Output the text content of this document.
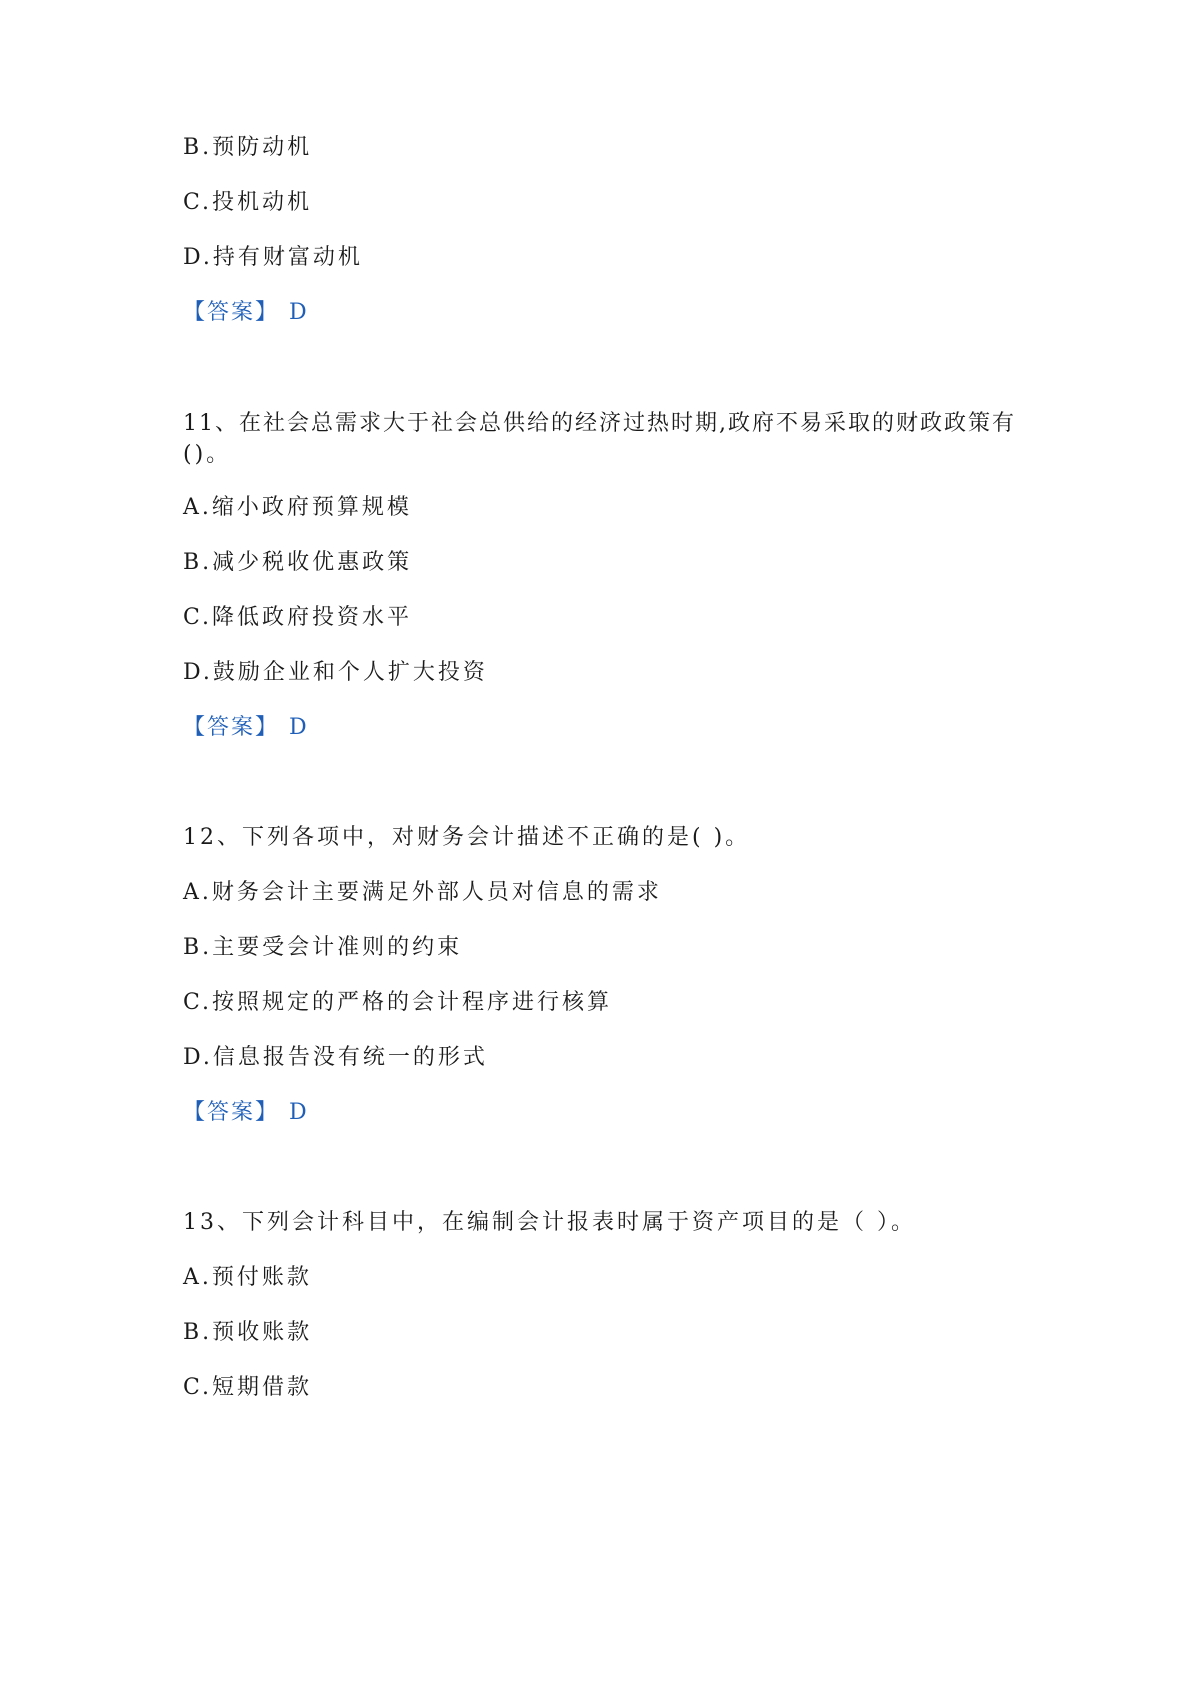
B.预防动机
C.投机动机
D.持有财富动机
【答案】 D
11、在社会总需求大于社会总供给的经济过热时期,政府不易采取的财政政策有
()。
A.缩小政府预算规模
B.减少税收优惠政策
C.降低政府投资水平
D.鼓励企业和个人扩大投资
【答案】 D
12、下列各项中，对财务会计描述不正确的是( )。
A.财务会计主要满足外部人员对信息的需求
B.主要受会计准则的约束
C.按照规定的严格的会计程序进行核算
D.信息报告没有统一的形式
【答案】 D
13、下列会计科目中，在编制会计报表时属于资产项目的是（ ）。
A.预付账款
B.预收账款
C.短期借款
